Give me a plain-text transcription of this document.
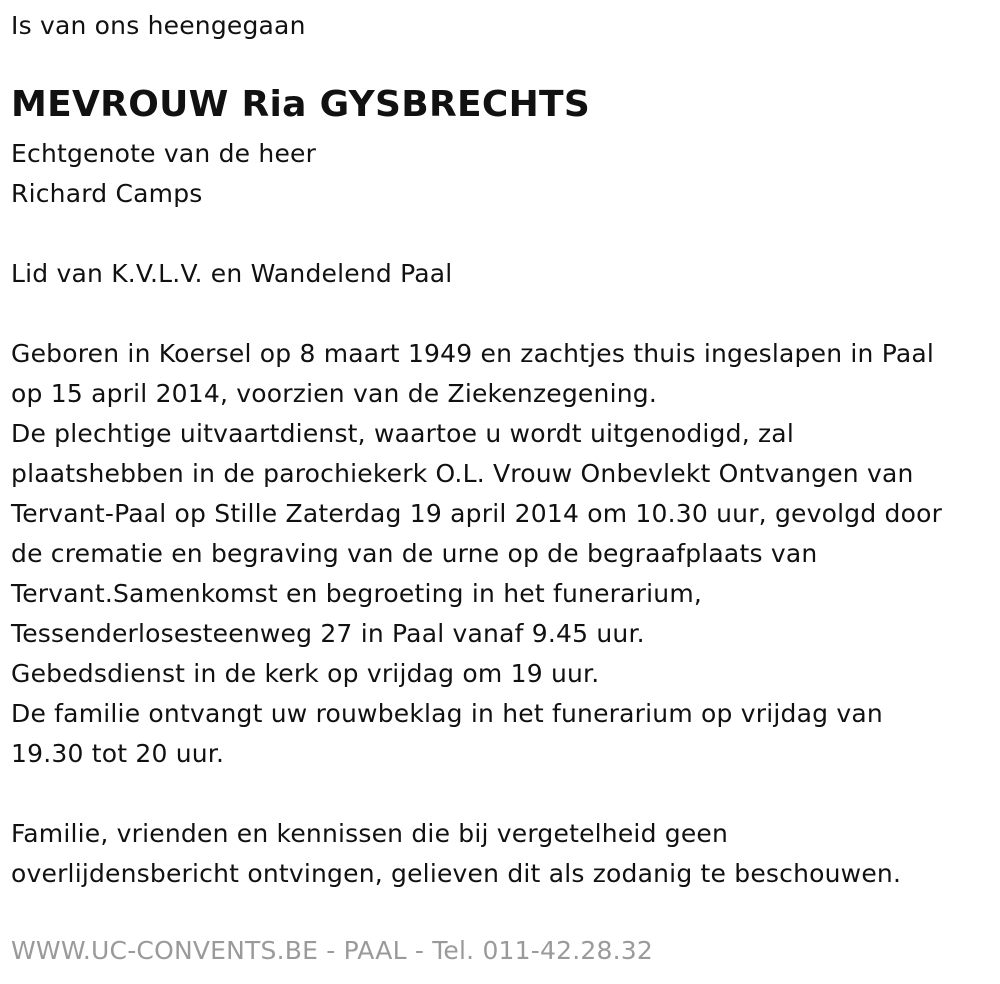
Is van ons heengegaan
MEVROUW Ria GYSBRECHTS
Echtgenote van de heer
Richard Camps
Lid van K.V.L.V. en Wandelend Paal
Geboren in Koersel op 8 maart 1949 en zachtjes thuis ingeslapen in Paal
op 15 april 2014, voorzien van de Ziekenzegening.
De plechtige uitvaartdienst, waartoe u wordt uitgenodigd, zal
plaatshebben in de parochiekerk O.L. Vrouw Onbevlekt Ontvangen van
Tervant-Paal op Stille Zaterdag 19 april 2014 om 10.30 uur, gevolgd door
de crematie en begraving van de urne op de begraafplaats van
Tervant.Samenkomst en begroeting in het funerarium,
Tessenderlosesteenweg 27 in Paal vanaf 9.45 uur.
Gebedsdienst in de kerk op vrijdag om 19 uur.
De familie ontvangt uw rouwbeklag in het funerarium op vrijdag van
19.30 tot 20 uur.
Familie, vrienden en kennissen die bij vergetelheid geen
overlijdensbericht ontvingen, gelieven dit als zodanig te beschouwen.
WWW.UC-CONVENTS.BE - PAAL - Tel. 011-42.28.32
